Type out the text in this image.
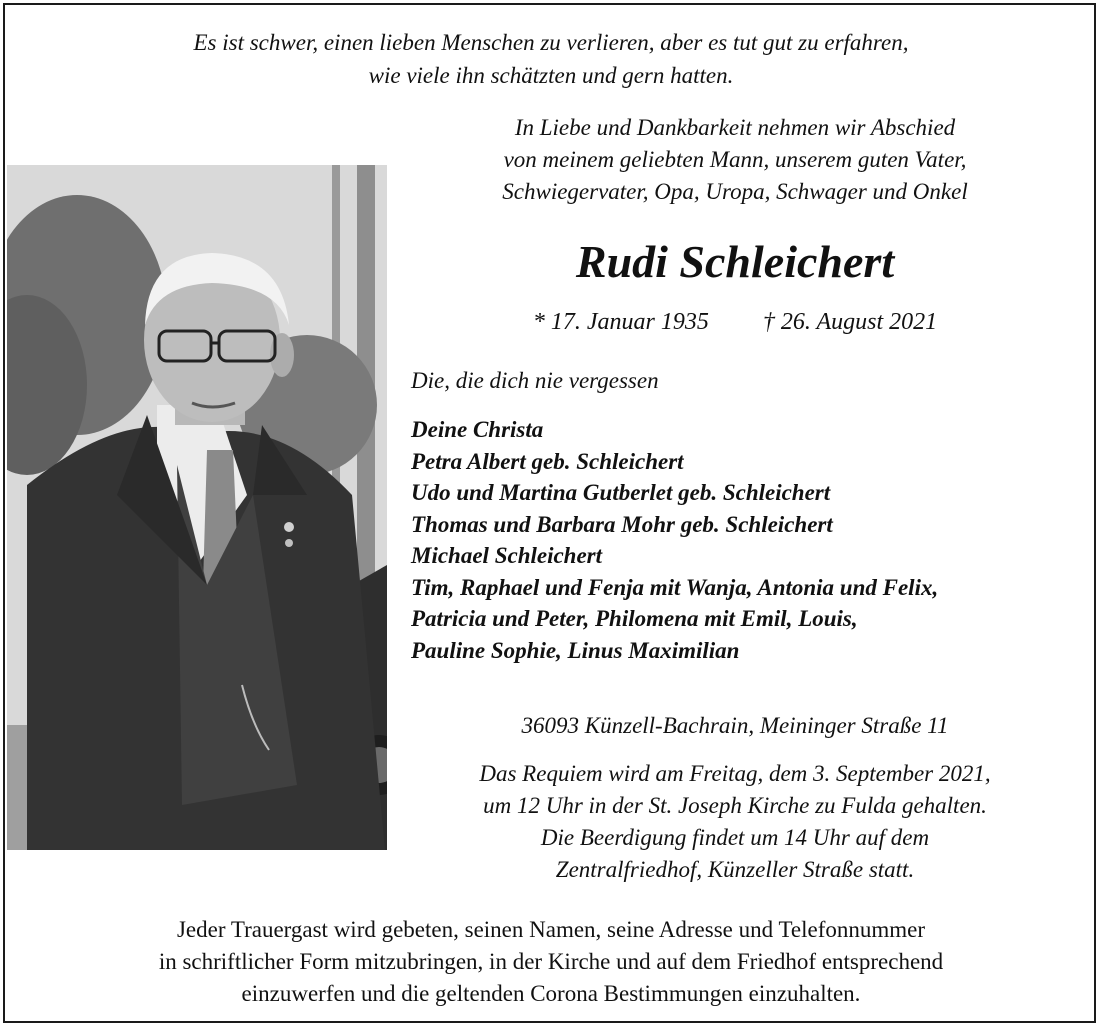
Es ist schwer, einen lieben Menschen zu verlieren, aber es tut gut zu erfahren,
wie viele ihn schätzten und gern hatten.
In Liebe und Dankbarkeit nehmen wir Abschied
von meinem geliebten Mann, unserem guten Vater,
Schwiegervater, Opa, Uropa, Schwager und Onkel
Rudi Schleichert
* 17. Januar 1935 † 26. August 2021
Die, die dich nie vergessen
Deine Christa
Petra Albert geb. Schleichert
Udo und Martina Gutberlet geb. Schleichert
Thomas und Barbara Mohr geb. Schleichert
Michael Schleichert
Tim, Raphael und Fenja mit Wanja, Antonia und Felix,
Patricia und Peter, Philomena mit Emil, Louis,
Pauline Sophie, Linus Maximilian
36093 Künzell-Bachrain, Meininger Straße 11
Das Requiem wird am Freitag, dem 3. September 2021,
um 12 Uhr in der St. Joseph Kirche zu Fulda gehalten.
Die Beerdigung findet um 14 Uhr auf dem
Zentralfriedhof, Künzeller Straße statt.
Jeder Trauergast wird gebeten, seinen Namen, seine Adresse und Telefonnummer
in schriftlicher Form mitzubringen, in der Kirche und auf dem Friedhof entsprechend
einzuwerfen und die geltenden Corona Bestimmungen einzuhalten.
